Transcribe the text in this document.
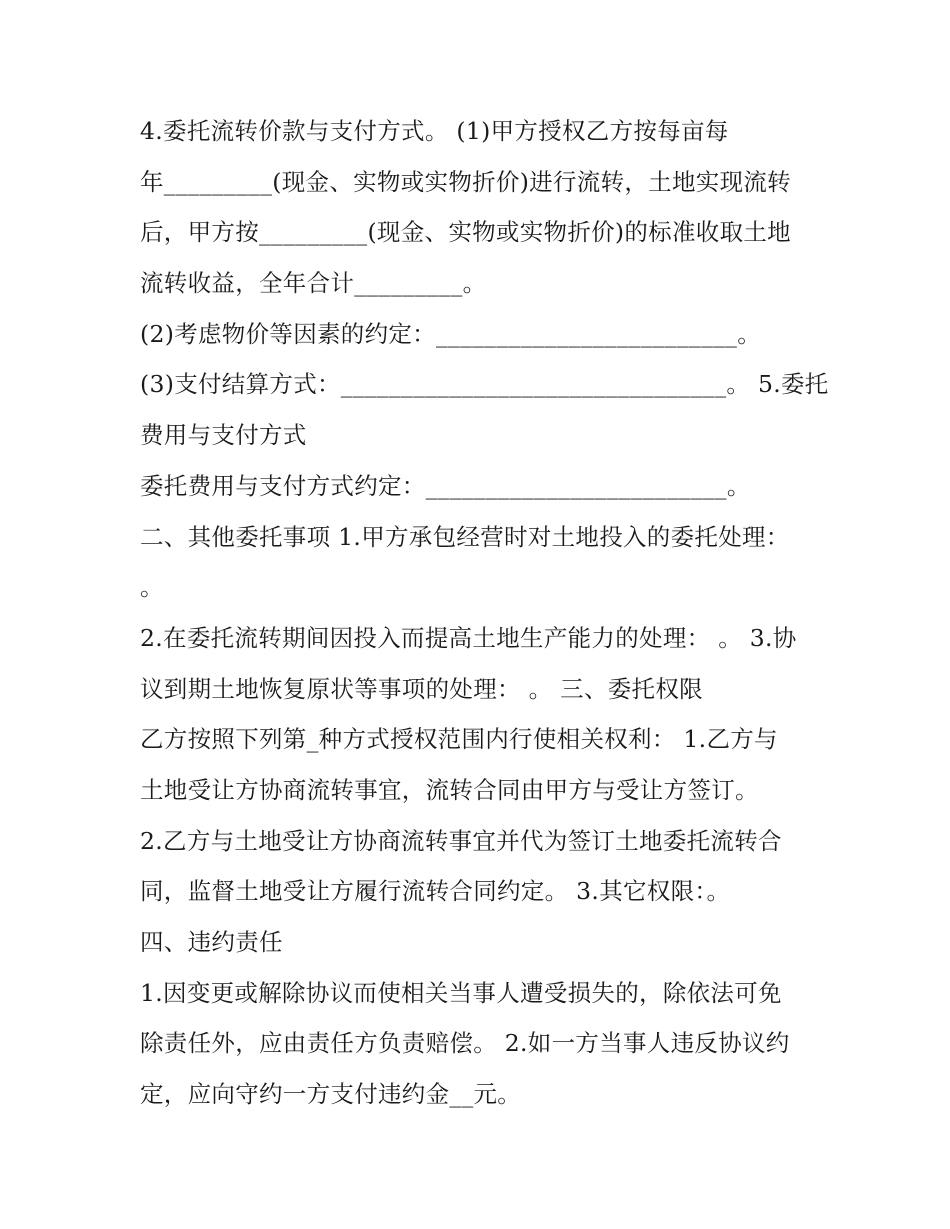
4.委托流转价款与支付方式。 (1)甲方授权乙方按每亩每
年_________(现金、实物或实物折价)进行流转，土地实现流转
后，甲方按_________(现金、实物或实物折价)的标准收取土地
流转收益，全年合计_________。
(2)考虑物价等因素的约定：_________________________。
(3)支付结算方式：________________________________。 5.委托
费用与支付方式
委托费用与支付方式约定：_________________________。
二、其他委托事项 1.甲方承包经营时对土地投入的委托处理：
。
2.在委托流转期间因投入而提高土地生产能力的处理： 。 3.协
议到期土地恢复原状等事项的处理： 。 三、委托权限
乙方按照下列第_种方式授权范围内行使相关权利： 1.乙方与
土地受让方协商流转事宜，流转合同由甲方与受让方签订。
2.乙方与土地受让方协商流转事宜并代为签订土地委托流转合
同，监督土地受让方履行流转合同约定。 3.其它权限：。
四、违约责任
1.因变更或解除协议而使相关当事人遭受损失的，除依法可免
除责任外，应由责任方负责赔偿。 2.如一方当事人违反协议约
定，应向守约一方支付违约金__元。
